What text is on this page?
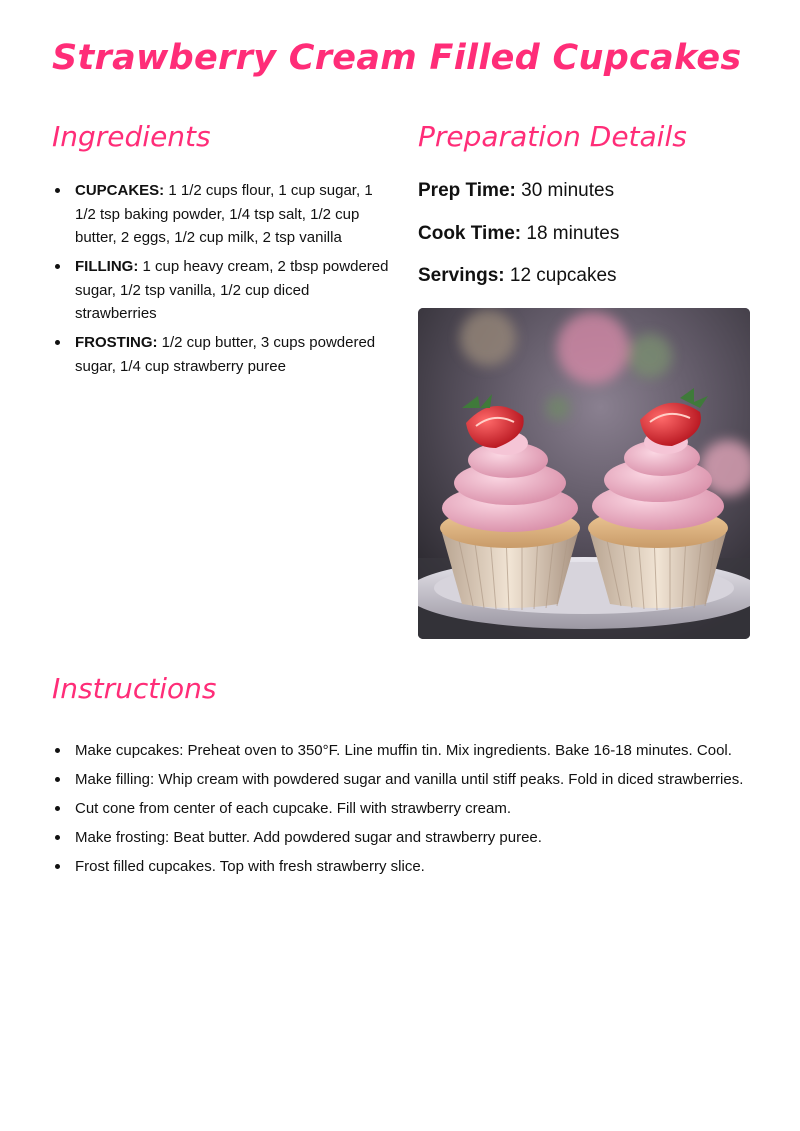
Strawberry Cream Filled Cupcakes
Ingredients
CUPCAKES: 1 1/2 cups flour, 1 cup sugar, 1 1/2 tsp baking powder, 1/4 tsp salt, 1/2 cup butter, 2 eggs, 1/2 cup milk, 2 tsp vanilla
FILLING: 1 cup heavy cream, 2 tbsp powdered sugar, 1/2 tsp vanilla, 1/2 cup diced strawberries
FROSTING: 1/2 cup butter, 3 cups powdered sugar, 1/4 cup strawberry puree
Preparation Details

Prep Time: 30 minutes

Cook Time: 18 minutes

Servings: 12 cupcakes

Instructions
Make cupcakes: Preheat oven to 350°F. Line muffin tin. Mix ingredients. Bake 16-18 minutes. Cool.
Make filling: Whip cream with powdered sugar and vanilla until stiff peaks. Fold in diced strawberries.
Cut cone from center of each cupcake. Fill with strawberry cream.
Make frosting: Beat butter. Add powdered sugar and strawberry puree.
Frost filled cupcakes. Top with fresh strawberry slice.
